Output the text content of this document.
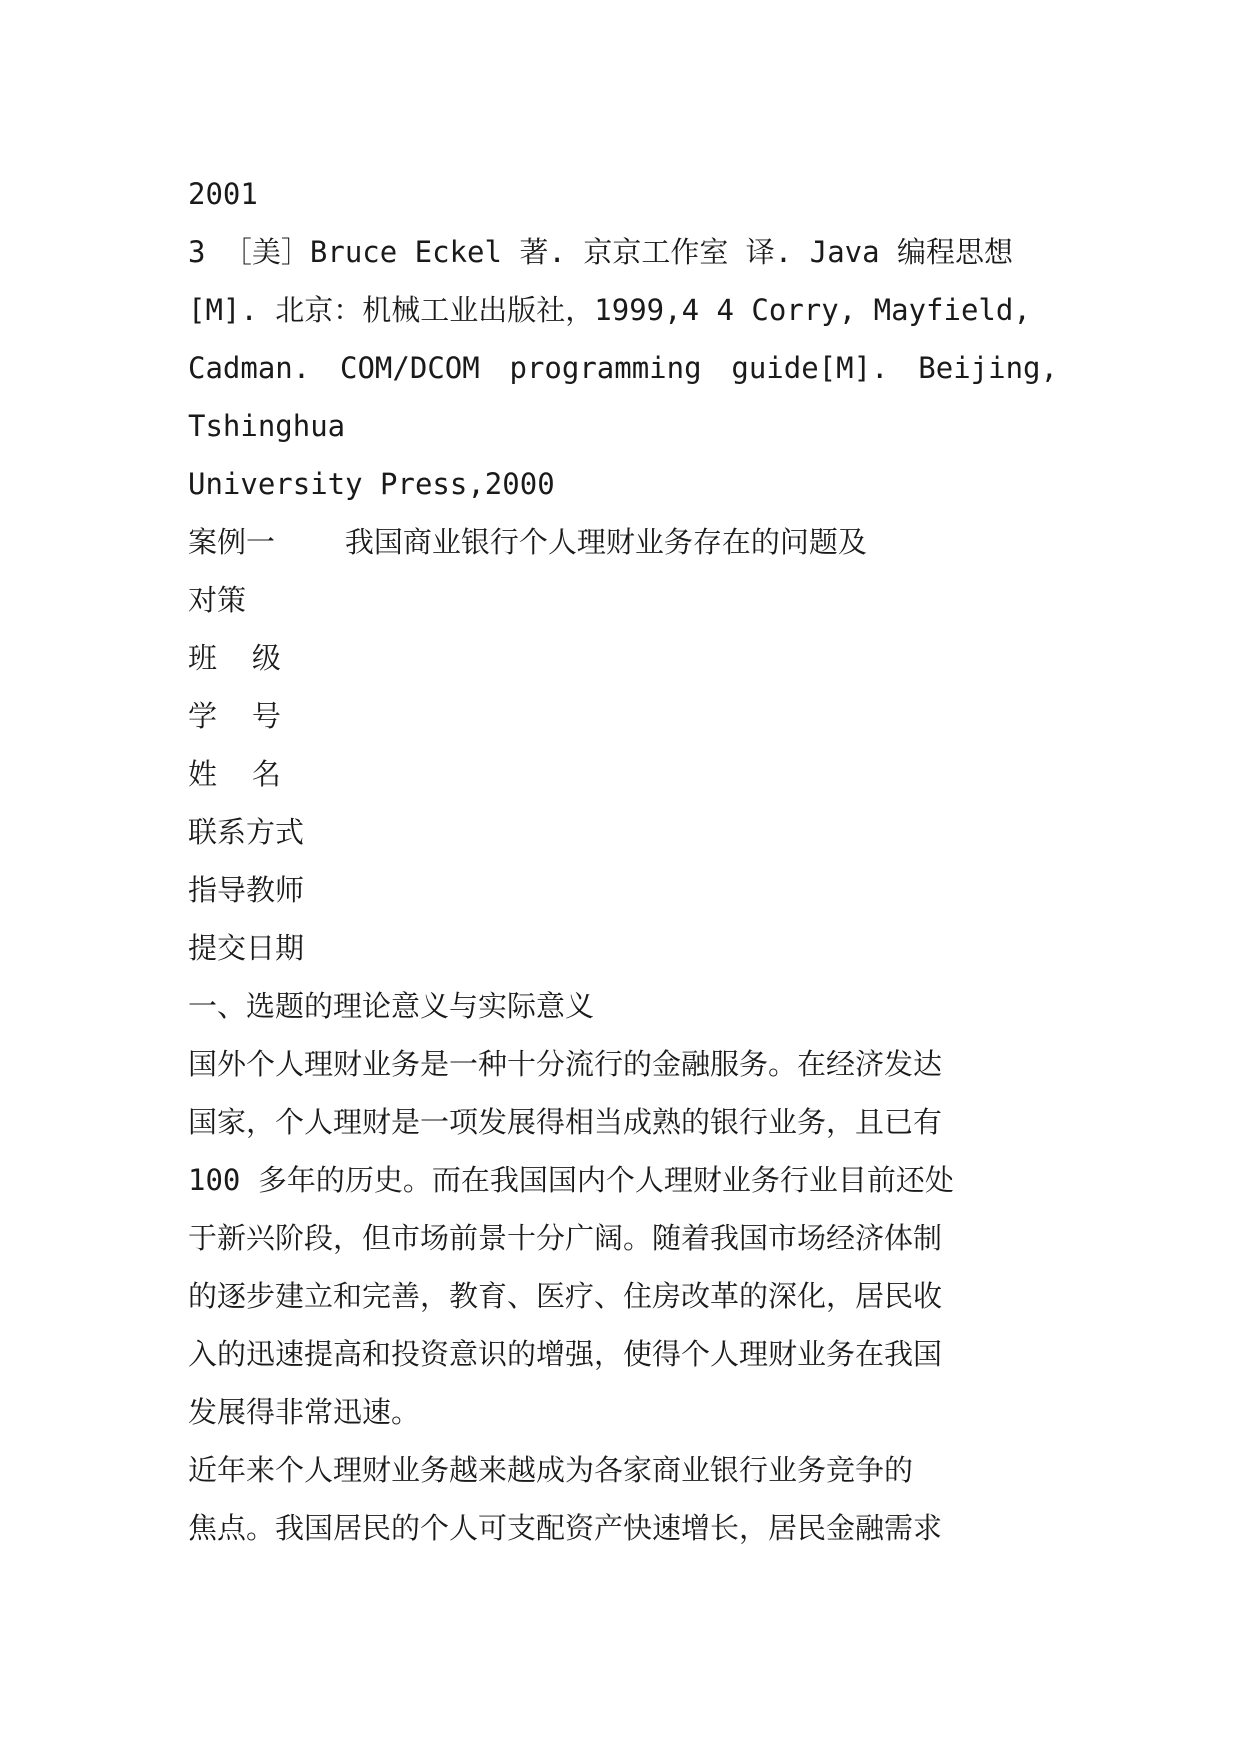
2001
3 ［美］Bruce Eckel 著. 京京工作室 译. Java 编程思想
[M]. 北京：机械工业出版社，1999,4 4 Corry, Mayfield,
Cadman. COM/DCOM programming guide[M]. Beijing,
Tshinghua
University Press,2000
案例一    我国商业银行个人理财业务存在的问题及
对策
班  级
学  号
姓  名
联系方式
指导教师
提交日期
一、选题的理论意义与实际意义
国外个人理财业务是一种十分流行的金融服务。在经济发达
国家，个人理财是一项发展得相当成熟的银行业务，且已有
100 多年的历史。而在我国国内个人理财业务行业目前还处
于新兴阶段，但市场前景十分广阔。随着我国市场经济体制
的逐步建立和完善，教育、医疗、住房改革的深化，居民收
入的迅速提高和投资意识的增强，使得个人理财业务在我国
发展得非常迅速。
近年来个人理财业务越来越成为各家商业银行业务竞争的
焦点。我国居民的个人可支配资产快速增长，居民金融需求
